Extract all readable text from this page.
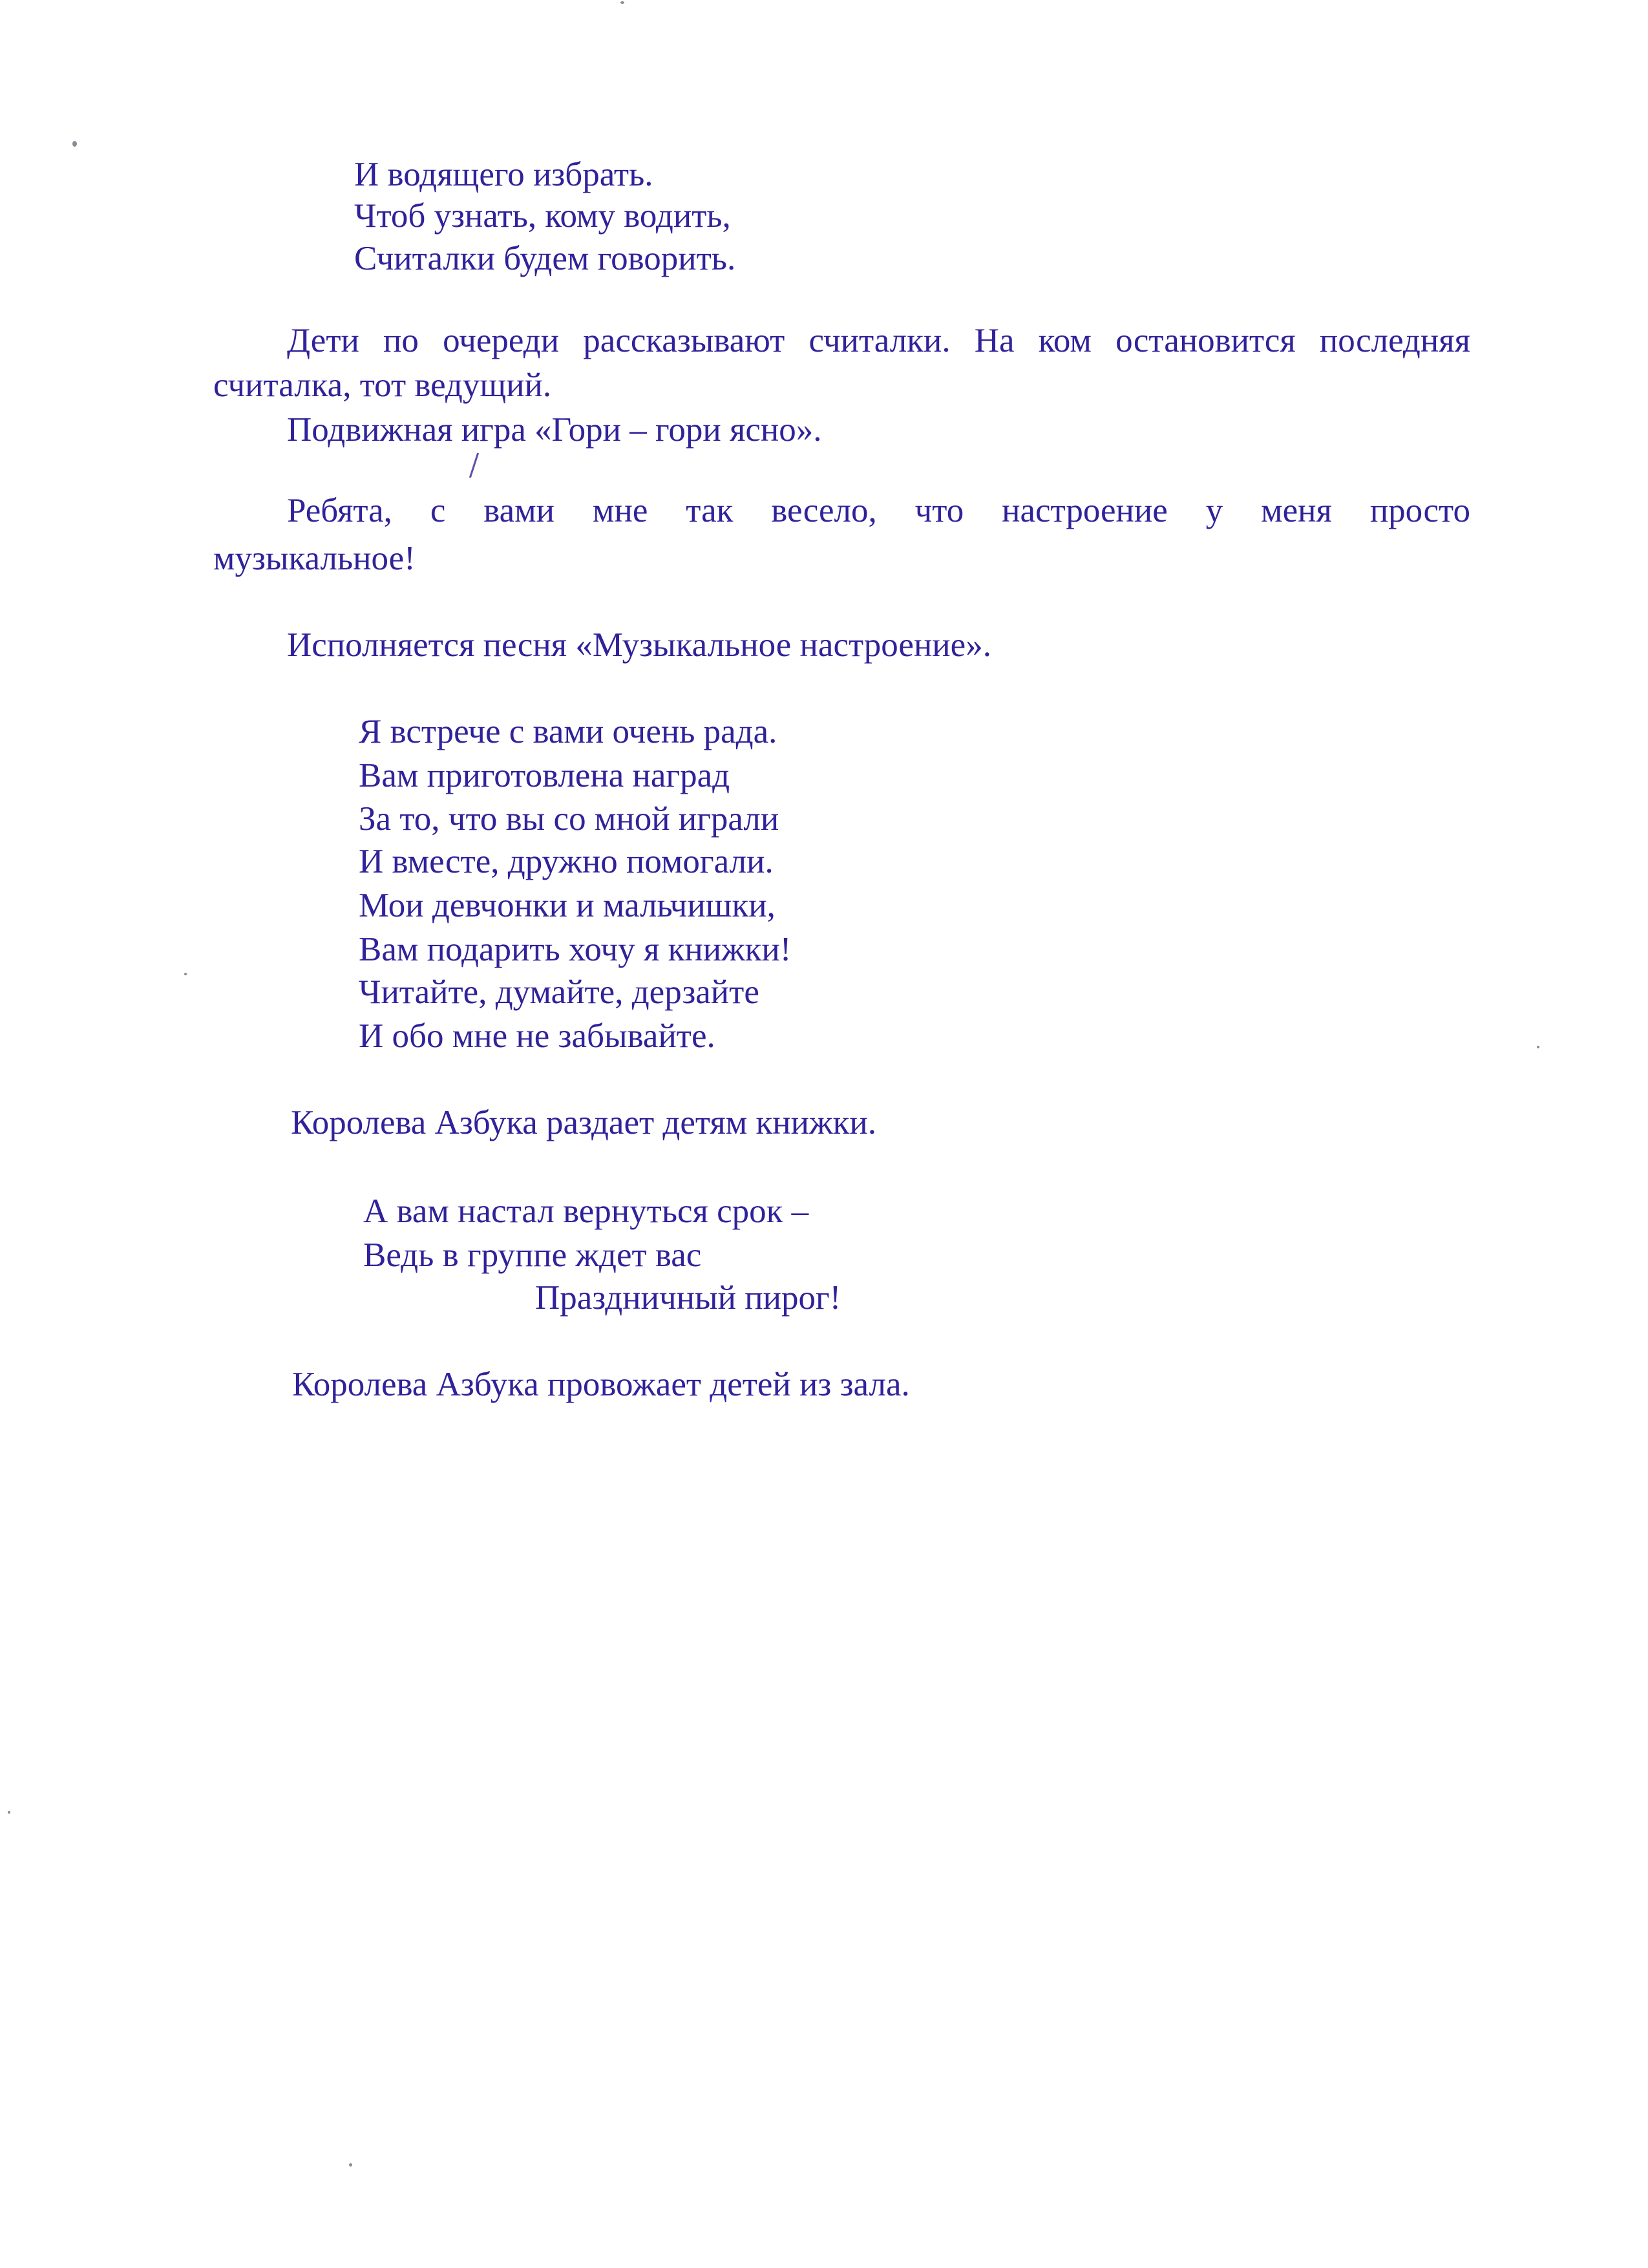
И водящего избрать.

Чтоб узнать, кому водить,

Считалки будем говорить.

Дети по очереди рассказывают считалки. На ком остановится последняя

считалка, тот ведущий.

Подвижная игра «Гори – гори ясно».

Ребята, с вами мне так весело, что настроение у меня просто

музыкальное!

Исполняется песня «Музыкальное настроение».

Я встрече с вами очень рада.

Вам приготовлена наград

За то, что вы со мной играли

И вместе, дружно помогали.

Мои девчонки и мальчишки,

Вам подарить хочу я книжки!

Читайте, думайте, дерзайте

И обо мне не забывайте.

Королева Азбука раздает детям книжки.

А вам настал вернуться срок –

Ведь в группе ждет вас

Праздничный пирог!

Королева Азбука провожает детей из зала.
